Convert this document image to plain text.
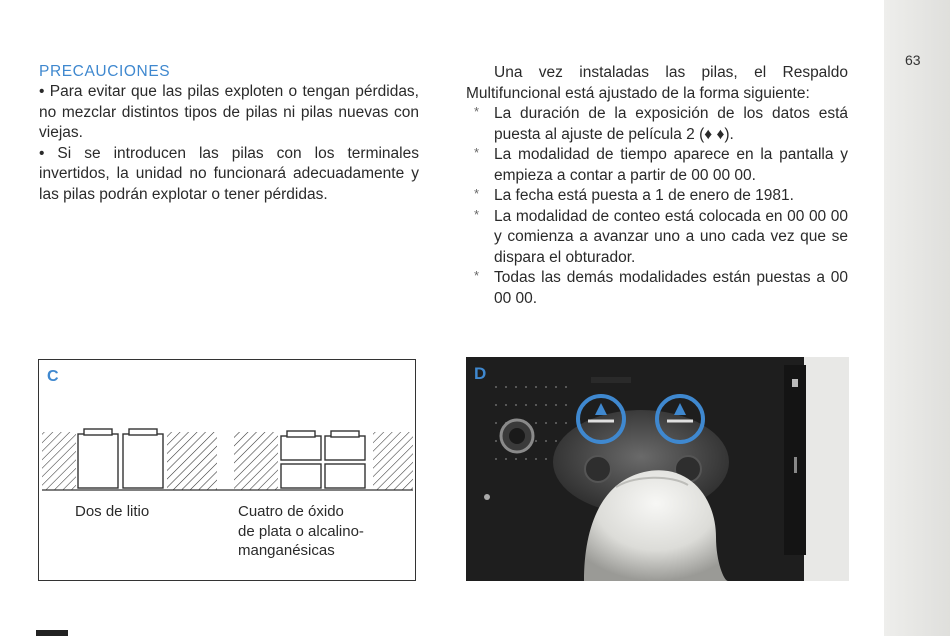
63
PRECAUCIONES

• Para evitar que las pilas exploten o tengan pérdidas, no mezclar distintos tipos de pilas ni pilas nuevas con viejas.

• Si se introducen las pilas con los terminales invertidos, la unidad no funcionará adecuadamente y las pilas podrán explotar o tener pérdidas.

Una vez instaladas las pilas, el Respaldo Multifuncional está ajustado de la forma siguiente:

* La duración de la exposición de los datos está puesta al ajuste de película 2 (♦ ♦).

* La modalidad de tiempo aparece en la pantalla y empieza a contar a partir de 00 00 00.

* La fecha está puesta a 1 de enero de 1981.

* La modalidad de conteo está colocada en 00 00 00 y comienza a avanzar uno a uno cada vez que se dispara el obturador.

* Todas las demás modalidades están puestas a 00 00 00.

C
Dos de litio	Cuatro de óxido
de plata o alcalino-
manganésicas
D
